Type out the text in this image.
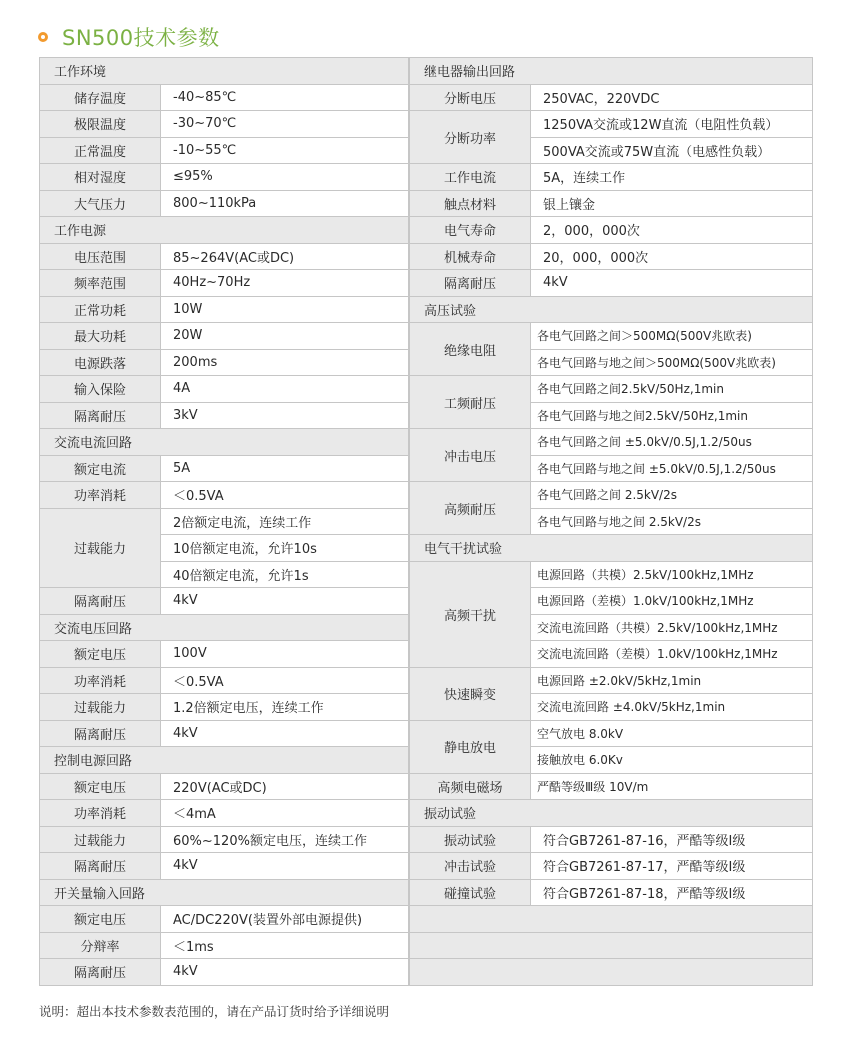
SN500技术参数
工作环境	
储存温度	-40~85℃
极限温度	-30~70℃
正常温度	-10~55℃
相对湿度	≤95%
大气压力	800~110kPa
工作电源	
电压范围	85~264V(AC或DC)
频率范围	40Hz~70Hz
正常功耗	10W
最大功耗	20W
电源跌落	200ms
输入保险	4A
隔离耐压	3kV
交流电流回路	
额定电流	5A
功率消耗	＜0.5VA
过载能力	2倍额定电流，连续工作
	10倍额定电流，允许10s
	40倍额定电流，允许1s
隔离耐压	4kV
交流电压回路	
额定电压	100V
功率消耗	＜0.5VA
过载能力	1.2倍额定电压，连续工作
隔离耐压	4kV
控制电源回路	
额定电压	220V(AC或DC)
功率消耗	＜4mA
过载能力	60%~120%额定电压，连续工作
隔离耐压	4kV
开关量输入回路	
额定电压	AC/DC220V(装置外部电源提供)
分辩率	＜1ms
隔离耐压	4kV
继电器输出回路	
分断电压	250VAC，220VDC
分断功率	1250VA交流或12W直流（电阻性负载）
	500VA交流或75W直流（电感性负载）
工作电流	5A，连续工作
触点材料	银上镶金
电气寿命	2，000，000次
机械寿命	20，000，000次
隔离耐压	4kV
高压试验	
绝缘电阻	各电气回路之间＞500MΩ(500V兆欧表)
	各电气回路与地之间＞500MΩ(500V兆欧表)
工频耐压	各电气回路之间2.5kV/50Hz,1min
	各电气回路与地之间2.5kV/50Hz,1min
冲击电压	各电气回路之间 ±5.0kV/0.5J,1.2/50us
	各电气回路与地之间 ±5.0kV/0.5J,1.2/50us
高频耐压	各电气回路之间 2.5kV/2s
	各电气回路与地之间 2.5kV/2s
电气干扰试验	
高频干扰	电源回路（共模）2.5kV/100kHz,1MHz
	电源回路（差模）1.0kV/100kHz,1MHz
	交流电流回路（共模）2.5kV/100kHz,1MHz
	交流电流回路（差模）1.0kV/100kHz,1MHz
快速瞬变	电源回路 ±2.0kV/5kHz,1min
	交流电流回路 ±4.0kV/5kHz,1min
静电放电	空气放电 8.0kV
	接触放电 6.0Kv
高频电磁场	严酷等级Ⅲ级 10V/m
振动试验	
振动试验	符合GB7261-87-16，严酷等级Ⅰ级
冲击试验	符合GB7261-87-17，严酷等级Ⅰ级
碰撞试验	符合GB7261-87-18，严酷等级Ⅰ级

说明：超出本技术参数表范围的，请在产品订货时给予详细说明
